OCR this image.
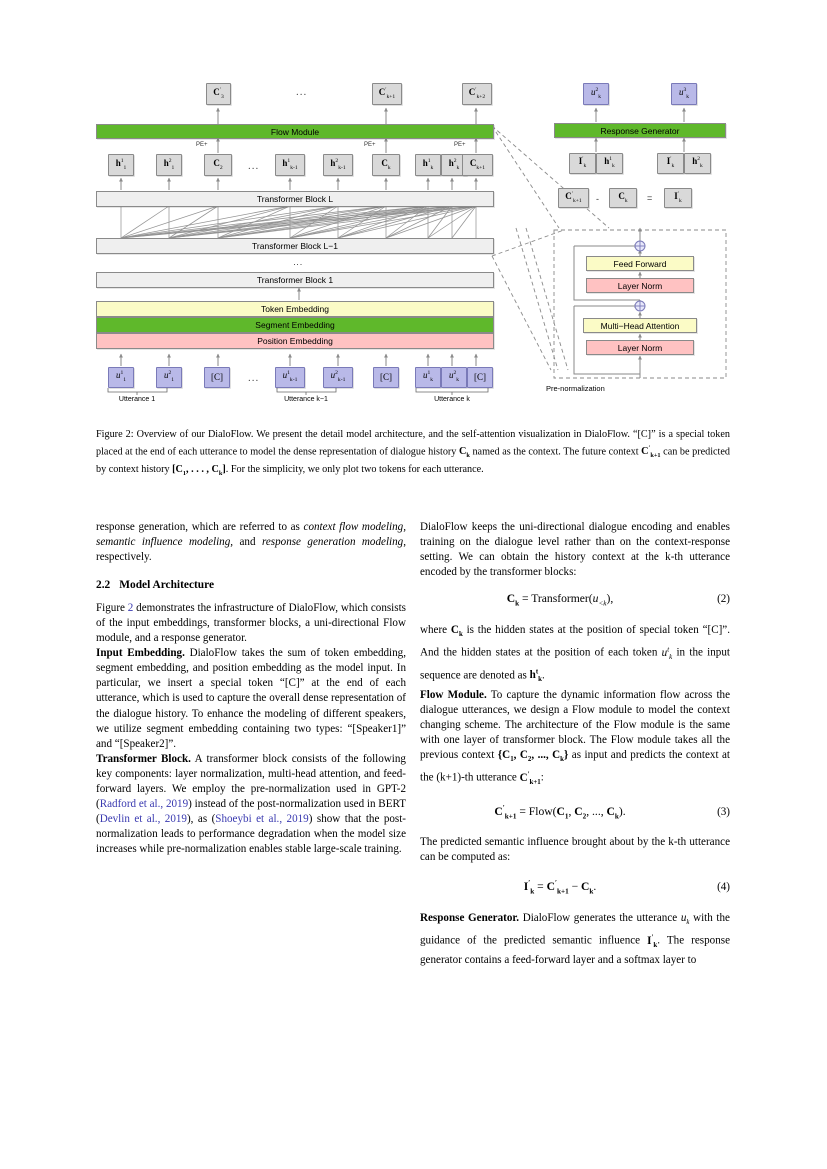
$C'_3$	...	$C'_{k+1}$	$C'_{k+2}$
Flow Module
PE+	PE+	PE+
$h^1_1$	$h^2_1$	$C_2$ ...	$h^1_{k-1}$	$h^2_{k-1}$	$C_k$	$h^1_k$ $h^2_k$ $C_{k+1}$
Transformer Block L
Transformer Block L−1
⋮
Transformer Block 1
Token Embedding
Segment Embedding
Position Embedding
$u^1_1$	$u^2_1$	[C] ...	$u^1_{k-1}$	$u^2_{k-1}$	[C]	$u^1_k$ $u^2_k$ [C]
Utterance 1	Utterance k−1	Utterance k
$u^2_k$	$u^3_k$
Response Generator
$I'_k$ $h^1_k$	$I'_k$ $h^2_k$
$C'_{k+1} - C_k = I'_k$
Feed Forward
Layer Norm
Multi−Head Attention
Layer Norm
Pre-normalization
Figure 2: Overview of our DialoFlow. We present the detail model architecture, and the self-attention visualization in DialoFlow. “[C]” is a special token placed at the end of each utterance to model the dense representation of dialogue history $C_k$ named as the context. The future context $C'_{k+1}$ can be predicted by context history [$C_1$, . . . , $C_k$]. For the simplicity, we only plot two tokens for each utterance.

response generation, which are referred to as context flow modeling, semantic influence modeling, and response generation modeling, respectively.

2.2 Model Architecture

Figure 2 demonstrates the infrastructure of DialoFlow, which consists of the input embeddings, transformer blocks, a uni-directional Flow module, and a response generator.

Input Embedding. DialoFlow takes the sum of token embedding, segment embedding, and position embedding as the model input. In particular, we insert a special token “[C]” at the end of each utterance, which is used to capture the overall dense representation of the dialogue history. To enhance the modeling of different speakers, we utilize segment embedding containing two types: “[Speaker1]” and “[Speaker2]”.

Transformer Block. A transformer block consists of the following key components: layer normalization, multi-head attention, and feed-forward layers. We employ the pre-normalization used in GPT-2 (Radford et al., 2019) instead of the post-normalization used in BERT (Devlin et al., 2019), as (Shoeybi et al., 2019) show that the post-normalization leads to performance degradation when the model size increases while pre-normalization enables stable large-scale training.

DialoFlow keeps the uni-directional dialogue encoding and enables training on the dialogue level rather than on the context-response setting. We can obtain the history context at the k-th utterance encoded by the transformer blocks:

$C_k$ = $Transformer(u_{<k})$,	(2)

where $C_k$ is the hidden states at the position of special token “[C]”. And the hidden states at the position of each token $u^t_k$ in the input sequence are denoted as $h^t_k$.

Flow Module. To capture the dynamic information flow across the dialogue utterances, we design a Flow module to model the context changing scheme. The architecture of the Flow module is the same with one layer of transformer block. The Flow module takes all the previous context {$C_1$, $C_2$, ..., $C_k$} as input and predicts the context at the (k+1)-th utterance $C'_{k+1}$:

$C'_{k+1}$ = $Flow(C_1$, $C_2$, ..., $C_k$).	(3)

The predicted semantic influence brought about by the k-th utterance can be computed as:

$I'_k = C'_{k+1} - C_k$.	(4)

Response Generator. DialoFlow generates the utterance $u_k$ with the guidance of the predicted semantic influence $I'_k$. The response generator contains a feed-forward layer and a softmax layer to
